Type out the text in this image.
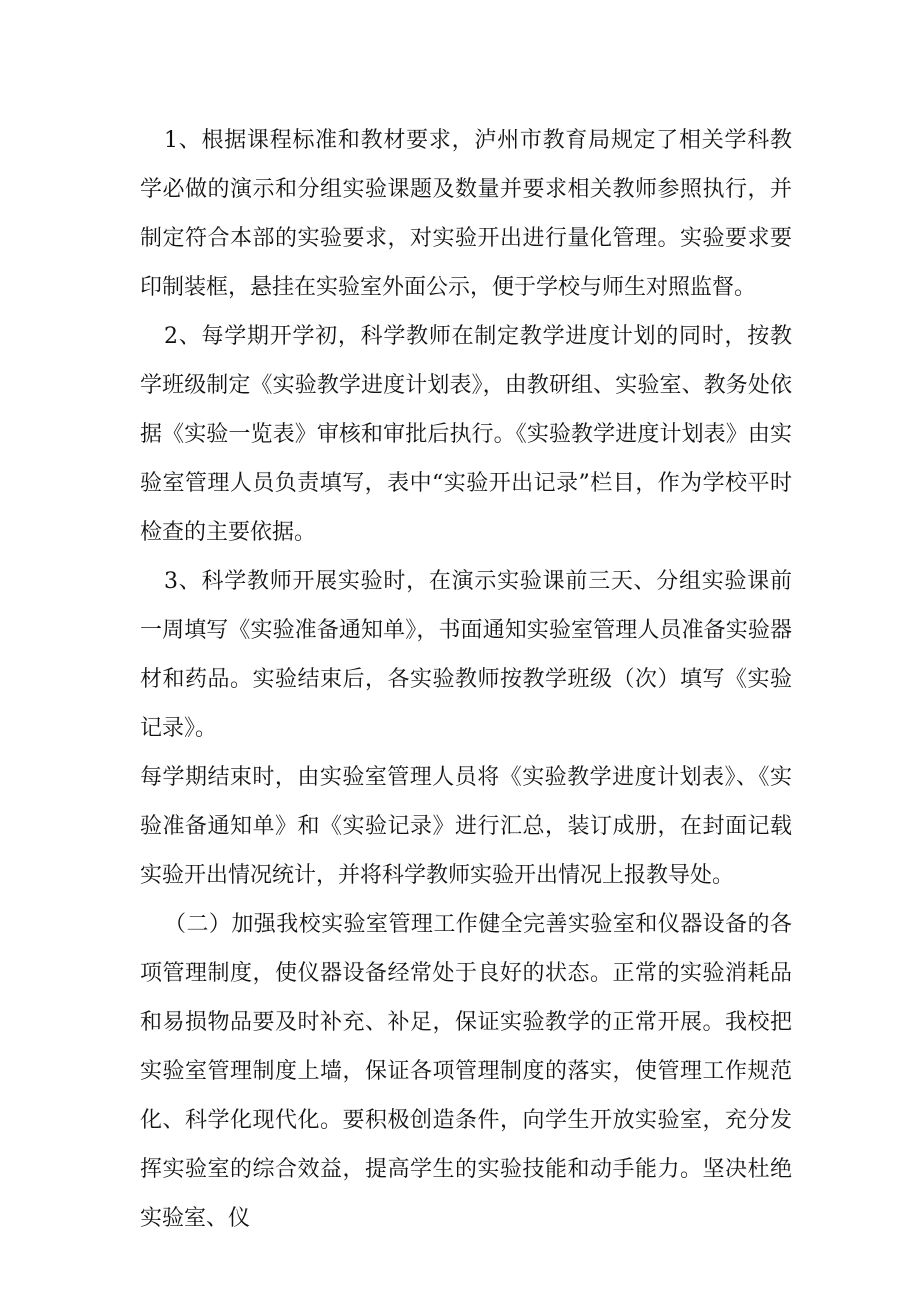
1、根据课程标准和教材要求，泸州市教育局规定了相关学科教学必做的演示和分组实验课题及数量并要求相关教师参照执行，并制定符合本部的实验要求，对实验开出进行量化管理。实验要求要印制装框，悬挂在实验室外面公示，便于学校与师生对照监督。

2、每学期开学初，科学教师在制定教学进度计划的同时，按教学班级制定《实验教学进度计划表》，由教研组、实验室、教务处依据《实验一览表》审核和审批后执行。《实验教学进度计划表》由实验室管理人员负责填写，表中“实验开出记录”栏目，作为学校平时检查的主要依据。

3、科学教师开展实验时，在演示实验课前三天、分组实验课前一周填写《实验准备通知单》，书面通知实验室管理人员准备实验器材和药品。实验结束后，各实验教师按教学班级（次）填写《实验记录》。

每学期结束时，由实验室管理人员将《实验教学进度计划表》、《实验准备通知单》和《实验记录》进行汇总，装订成册，在封面记载实验开出情况统计，并将科学教师实验开出情况上报教导处。

（二）加强我校实验室管理工作健全完善实验室和仪器设备的各项管理制度，使仪器设备经常处于良好的状态。正常的实验消耗品和易损物品要及时补充、补足，保证实验教学的正常开展。我校把实验室管理制度上墙，保证各项管理制度的落实，使管理工作规范化、科学化现代化。要积极创造条件，向学生开放实验室，充分发挥实验室的综合效益，提高学生的实验技能和动手能力。坚决杜绝实验室、仪
